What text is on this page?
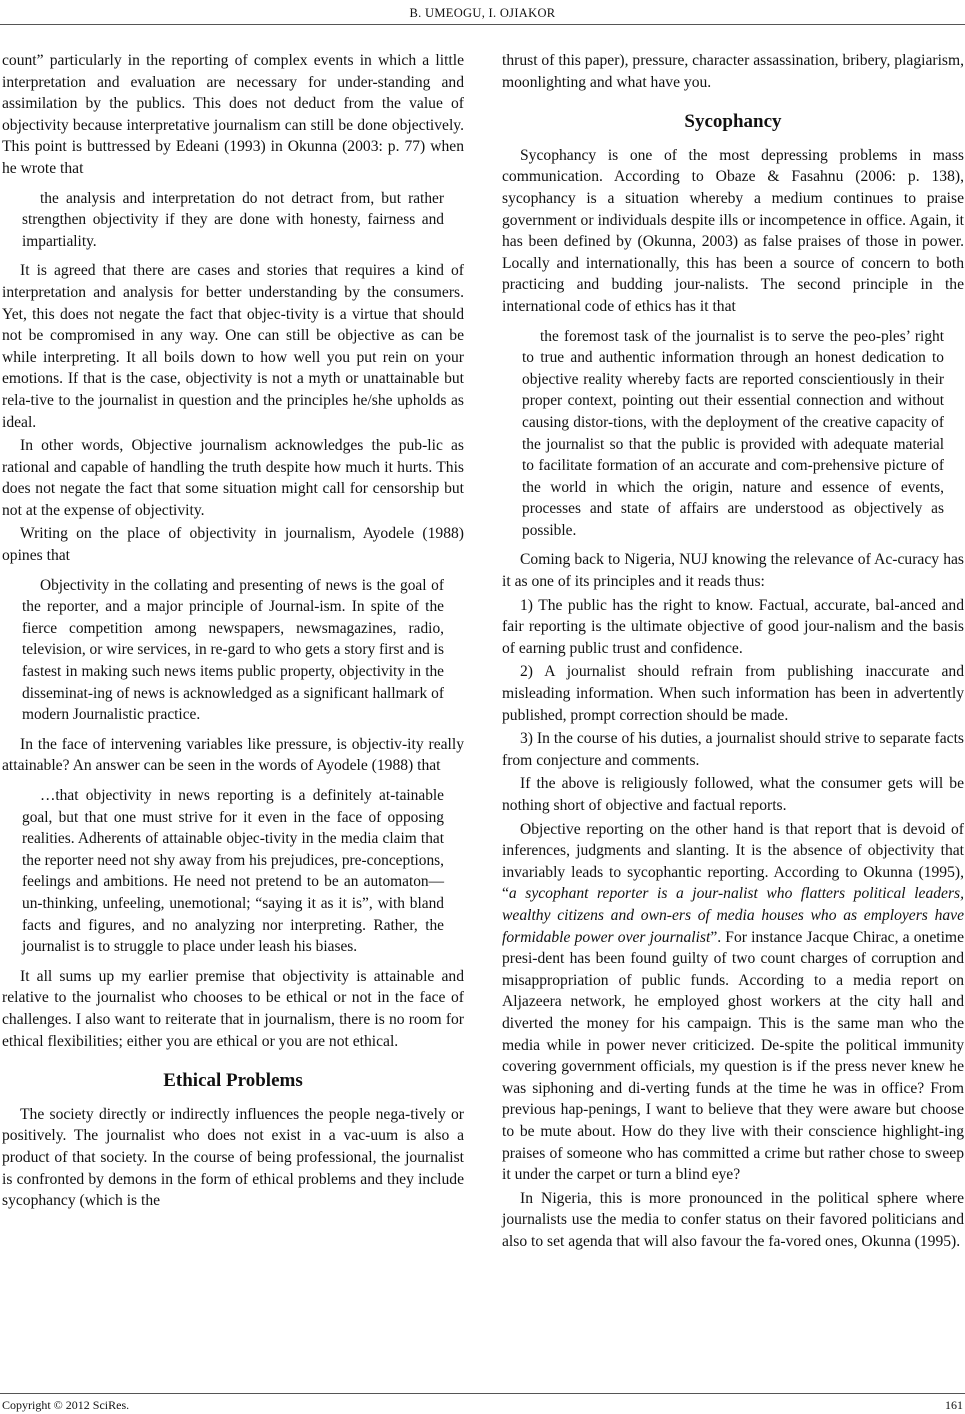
B. UMEOGU, I. OJIAKOR

count” particularly in the reporting of complex events in which a little interpretation and evaluation are necessary for under-standing and assimilation by the publics. This does not deduct from the value of objectivity because interpretative journalism can still be done objectively. This point is buttressed by Edeani (1993) in Okunna (2003: p. 77) when he wrote that

the analysis and interpretation do not detract from, but rather strengthen objectivity if they are done with honesty, fairness and impartiality.

It is agreed that there are cases and stories that requires a kind of interpretation and analysis for better understanding by the consumers. Yet, this does not negate the fact that objec-tivity is a virtue that should not be compromised in any way. One can still be objective as can be while interpreting. It all boils down to how well you put rein on your emotions. If that is the case, objectivity is not a myth or unattainable but rela-tive to the journalist in question and the principles he/she upholds as ideal.

In other words, Objective journalism acknowledges the pub-lic as rational and capable of handling the truth despite how much it hurts. This does not negate the fact that some situation might call for censorship but not at the expense of objectivity.

Writing on the place of objectivity in journalism, Ayodele (1988) opines that

Objectivity in the collating and presenting of news is the goal of the reporter, and a major principle of Journal-ism. In spite of the fierce competition among newspapers, newsmagazines, radio, television, or wire services, in re-gard to who gets a story first and is fastest in making such news items public property, objectivity in the disseminat-ing of news is acknowledged as a significant hallmark of modern Journalistic practice.

In the face of intervening variables like pressure, is objectiv-ity really attainable? An answer can be seen in the words of Ayodele (1988) that

…that objectivity in news reporting is a definitely at-tainable goal, but that one must strive for it even in the face of opposing realities. Adherents of attainable objec-tivity in the media claim that the reporter need not shy away from his prejudices, pre-conceptions, feelings and ambitions. He need not pretend to be an automaton—un-thinking, unfeeling, unemotional; “saying it as it is”, with bland facts and figures, and no analyzing nor interpreting. Rather, the journalist is to struggle to place under leash his biases.

It all sums up my earlier premise that objectivity is attainable and relative to the journalist who chooses to be ethical or not in the face of challenges. I also want to reiterate that in journalism, there is no room for ethical flexibilities; either you are ethical or you are not ethical.

Ethical Problems

The society directly or indirectly influences the people nega-tively or positively. The journalist who does not exist in a vac-uum is also a product of that society. In the course of being professional, the journalist is confronted by demons in the form of ethical problems and they include sycophancy (which is the

thrust of this paper), pressure, character assassination, bribery, plagiarism, moonlighting and what have you.

Sycophancy

Sycophancy is one of the most depressing problems in mass communication. According to Obaze & Fasahnu (2006: p. 138), sycophancy is a situation whereby a medium continues to praise government or individuals despite ills or incompetence in office. Again, it has been defined by (Okunna, 2003) as false praises of those in power. Locally and internationally, this has been a source of concern to both practicing and budding jour-nalists. The second principle in the international code of ethics has it that

the foremost task of the journalist is to serve the peo-ples’ right to true and authentic information through an honest dedication to objective reality whereby facts are reported conscientiously in their proper context, pointing out their essential connection and without causing distor-tions, with the deployment of the creative capacity of the journalist so that the public is provided with adequate material to facilitate formation of an accurate and com-prehensive picture of the world in which the origin, nature and essence of events, processes and state of affairs are understood as objectively as possible.

Coming back to Nigeria, NUJ knowing the relevance of Ac-curacy has it as one of its principles and it reads thus:

1) The public has the right to know. Factual, accurate, bal-anced and fair reporting is the ultimate objective of good jour-nalism and the basis of earning public trust and confidence.

2) A journalist should refrain from publishing inaccurate and misleading information. When such information has been in advertently published, prompt correction should be made.

3) In the course of his duties, a journalist should strive to separate facts from conjecture and comments.

If the above is religiously followed, what the consumer gets will be nothing short of objective and factual reports.

Objective reporting on the other hand is that report that is devoid of inferences, judgments and slanting. It is the absence of objectivity that invariably leads to sycophantic reporting. According to Okunna (1995), “a sycophant reporter is a jour-nalist who flatters political leaders, wealthy citizens and own-ers of media houses who as employers have formidable power over journalist”. For instance Jacque Chirac, a onetime presi-dent has been found guilty of two count charges of corruption and misappropriation of public funds. According to a media report on Aljazeera network, he employed ghost workers at the city hall and diverted the money for his campaign. This is the same man who the media while in power never criticized. De-spite the political immunity covering government officials, my question is if the press never knew he was siphoning and di-verting funds at the time he was in office? From previous hap-penings, I want to believe that they were aware but choose to be mute about. How do they live with their conscience highlight-ing praises of someone who has committed a crime but rather chose to sweep it under the carpet or turn a blind eye?

In Nigeria, this is more pronounced in the political sphere where journalists use the media to confer status on their favored politicians and also to set agenda that will also favour the fa-vored ones, Okunna (1995).

Copyright © 2012 SciRes.	161
